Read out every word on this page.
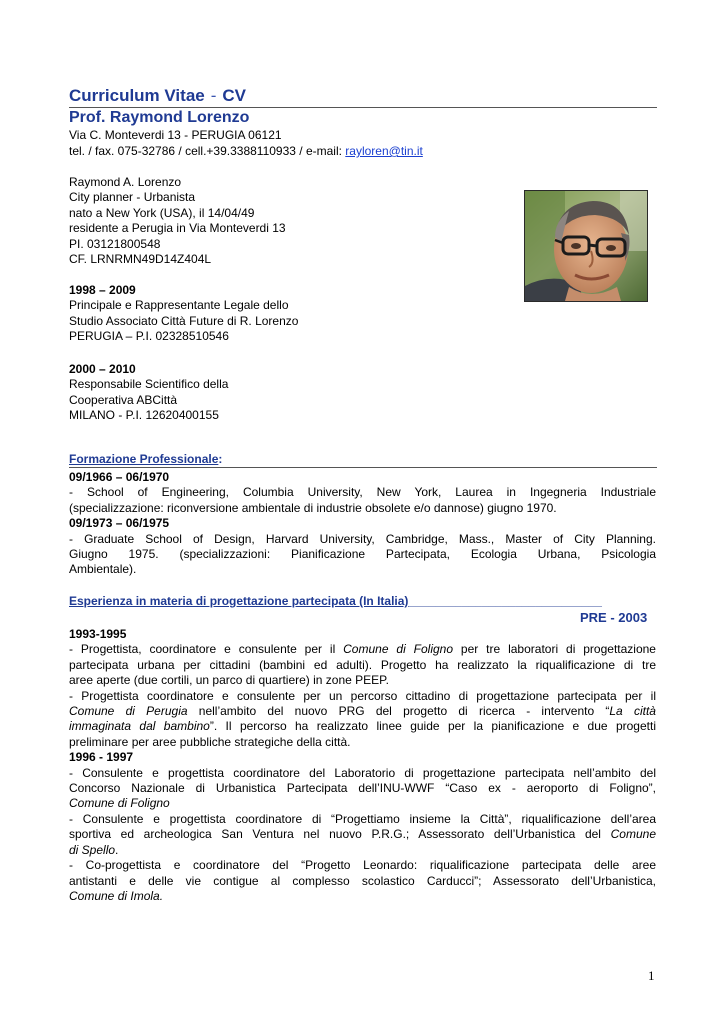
Curriculum Vitae - CV
Prof. Raymond Lorenzo
Via C. Monteverdi 13 - PERUGIA 06121
tel. / fax. 075-32786 / cell.+39.3388110933 / e-mail: rayloren@tin.it
Raymond A. Lorenzo
City planner - Urbanista
nato a New York (USA), il 14/04/49
residente a Perugia in Via Monteverdi 13
PI. 03121800548
CF. LRNRMN49D14Z404L
1998 – 2009
Principale e Rappresentante Legale dello
Studio Associato Città Future di R. Lorenzo
PERUGIA – P.I. 02328510546
2000 – 2010
Responsabile Scientifico della
Cooperativa ABCittà
MILANO - P.I. 12620400155
Formazione Professionale:
09/1966 – 06/1970
- School of Engineering, Columbia University, New York, Laurea in Ingegneria Industriale
(specializzazione: riconversione ambientale di industrie obsolete e/o dannose) giugno 1970.
09/1973 – 06/1975
- Graduate School of Design, Harvard University, Cambridge, Mass., Master of City Planning.
Giugno 1975. (specializzazioni: Pianificazione Partecipata, Ecologia Urbana, Psicologia
Ambientale).
Esperienza in materia di progettazione partecipata (In Italia)_____________________________
PRE - 2003
1993-1995
- Progettista, coordinatore e consulente per il Comune di Foligno per tre laboratori di progettazione
partecipata urbana per cittadini (bambini ed adulti). Progetto ha realizzato la riqualificazione di tre
aree aperte (due cortili, un parco di quartiere) in zone PEEP.
- Progettista coordinatore e consulente per un percorso cittadino di progettazione partecipata per il
Comune di Perugia nell’ambito del nuovo PRG del progetto di ricerca - intervento “La città
immaginata dal bambino”. Il percorso ha realizzato linee guide per la pianificazione e due progetti
preliminare per aree pubbliche strategiche della città.
1996 - 1997
- Consulente e progettista coordinatore del Laboratorio di progettazione partecipata nell’ambito del
Concorso Nazionale di Urbanistica Partecipata dell’INU-WWF “Caso ex - aeroporto di Foligno”,
Comune di Foligno
- Consulente e progettista coordinatore di “Progettiamo insieme la Città”, riqualificazione dell’area
sportiva ed archeologica San Ventura nel nuovo P.R.G.; Assessorato dell’Urbanistica del Comune
di Spello.
- Co-progettista e coordinatore del “Progetto Leonardo: riqualificazione partecipata delle aree
antistanti e delle vie contigue al complesso scolastico Carducci”; Assessorato dell’Urbanistica,
Comune di Imola.
1
